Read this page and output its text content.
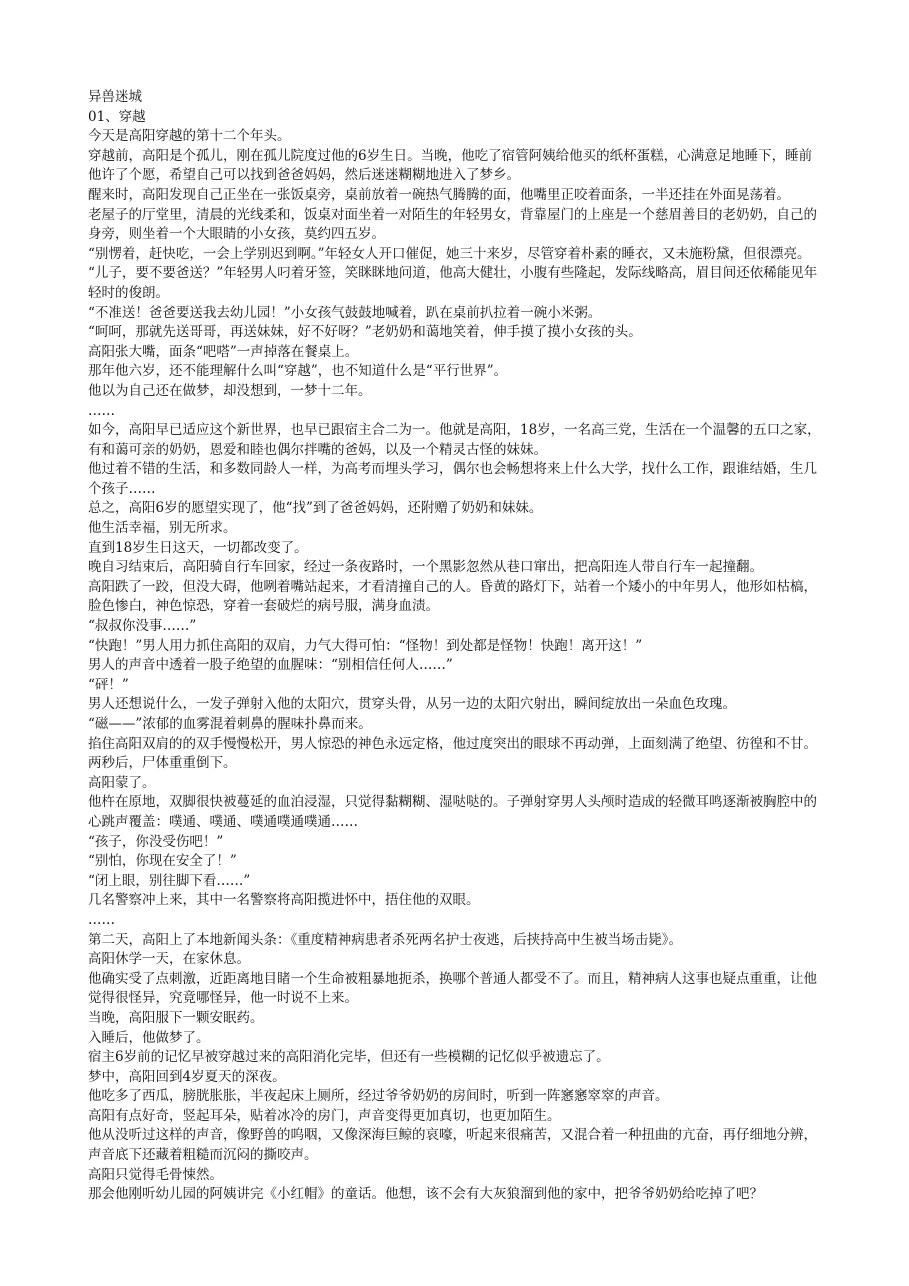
异兽迷城
01、穿越
今天是高阳穿越的第十二个年头。
穿越前，高阳是个孤儿，刚在孤儿院度过他的6岁生日。当晚，他吃了宿管阿姨给他买的纸杯蛋糕，心满意足地睡下，睡前他许了个愿，希望自己可以找到爸爸妈妈，然后迷迷糊糊地进入了梦乡。
醒来时，高阳发现自己正坐在一张饭桌旁，桌前放着一碗热气腾腾的面，他嘴里正咬着面条，一半还挂在外面晃荡着。
老屋子的厅堂里，清晨的光线柔和，饭桌对面坐着一对陌生的年轻男女，背靠屋门的上座是一个慈眉善目的老奶奶，自己的身旁，则坐着一个大眼睛的小女孩，莫约四五岁。
“别愣着，赶快吃，一会上学别迟到啊。”年轻女人开口催促，她三十来岁，尽管穿着朴素的睡衣，又未施粉黛，但很漂亮。
“儿子，要不要爸送？”年轻男人叼着牙签，笑眯眯地问道，他高大健壮，小腹有些隆起，发际线略高，眉目间还依稀能见年轻时的俊朗。
“不准送！爸爸要送我去幼儿园！”小女孩气鼓鼓地喊着，趴在桌前扒拉着一碗小米粥。
“呵呵，那就先送哥哥，再送妹妹，好不好呀？”老奶奶和蔼地笑着，伸手摸了摸小女孩的头。
高阳张大嘴，面条“吧嗒”一声掉落在餐桌上。
那年他六岁，还不能理解什么叫“穿越”，也不知道什么是“平行世界”。
他以为自己还在做梦，却没想到，一梦十二年。
……
如今，高阳早已适应这个新世界，也早已跟宿主合二为一。他就是高阳，18岁，一名高三党，生活在一个温馨的五口之家，有和蔼可亲的奶奶，恩爱和睦也偶尔拌嘴的爸妈，以及一个精灵古怪的妹妹。
他过着不错的生活，和多数同龄人一样，为高考而埋头学习，偶尔也会畅想将来上什么大学，找什么工作，跟谁结婚，生几个孩子……
总之，高阳6岁的愿望实现了，他“找”到了爸爸妈妈，还附赠了奶奶和妹妹。
他生活幸福，别无所求。
直到18岁生日这天，一切都改变了。
晚自习结束后，高阳骑自行车回家，经过一条夜路时，一个黑影忽然从巷口窜出，把高阳连人带自行车一起撞翻。
高阳跌了一跤，但没大碍，他咧着嘴站起来，才看清撞自己的人。昏黄的路灯下，站着一个矮小的中年男人，他形如枯槁，脸色惨白，神色惊恐，穿着一套破烂的病号服，满身血渍。
“叔叔你没事……”
“快跑！”男人用力抓住高阳的双肩，力气大得可怕：“怪物！到处都是怪物！快跑！离开这！”
男人的声音中透着一股子绝望的血腥味：“别相信任何人……”
“砰！”
男人还想说什么，一发子弹射入他的太阳穴，贯穿头骨，从另一边的太阳穴射出，瞬间绽放出一朵血色玫瑰。
“磁——”浓郁的血雾混着刺鼻的腥味扑鼻而来。
掐住高阳双肩的的双手慢慢松开，男人惊恐的神色永远定格，他过度突出的眼球不再动弹，上面刻满了绝望、彷徨和不甘。
两秒后，尸体重重倒下。
高阳蒙了。
他杵在原地，双脚很快被蔓延的血泊浸湿，只觉得黏糊糊、湿哒哒的。子弹射穿男人头颅时造成的轻微耳鸣逐渐被胸腔中的心跳声覆盖：噗通、噗通、噗通噗通噗通……
“孩子，你没受伤吧！”
“别怕，你现在安全了！”
“闭上眼，别往脚下看……”
几名警察冲上来，其中一名警察将高阳揽进怀中，捂住他的双眼。
……
第二天，高阳上了本地新闻头条：《重度精神病患者杀死两名护士夜逃，后挟持高中生被当场击毙》。
高阳休学一天，在家休息。
他确实受了点刺激，近距离地目睹一个生命被粗暴地扼杀，换哪个普通人都受不了。而且，精神病人这事也疑点重重，让他觉得很怪异，究竟哪怪异，他一时说不上来。
当晚，高阳服下一颗安眠药。
入睡后，他做梦了。
宿主6岁前的记忆早被穿越过来的高阳消化完毕，但还有一些模糊的记忆似乎被遗忘了。
梦中，高阳回到4岁夏天的深夜。
他吃多了西瓜，膀胱胀胀，半夜起床上厕所，经过爷爷奶奶的房间时，听到一阵窸窸窣窣的声音。
高阳有点好奇，竖起耳朵，贴着冰冷的房门，声音变得更加真切，也更加陌生。
他从没听过这样的声音，像野兽的呜咽，又像深海巨鲸的哀嚎，听起来很痛苦，又混合着一种扭曲的亢奋，再仔细地分辨，声音底下还藏着粗糙而沉闷的撕咬声。
高阳只觉得毛骨悚然。
那会他刚听幼儿园的阿姨讲完《小红帽》的童话。他想，该不会有大灰狼溜到他的家中，把爷爷奶奶给吃掉了吧？
